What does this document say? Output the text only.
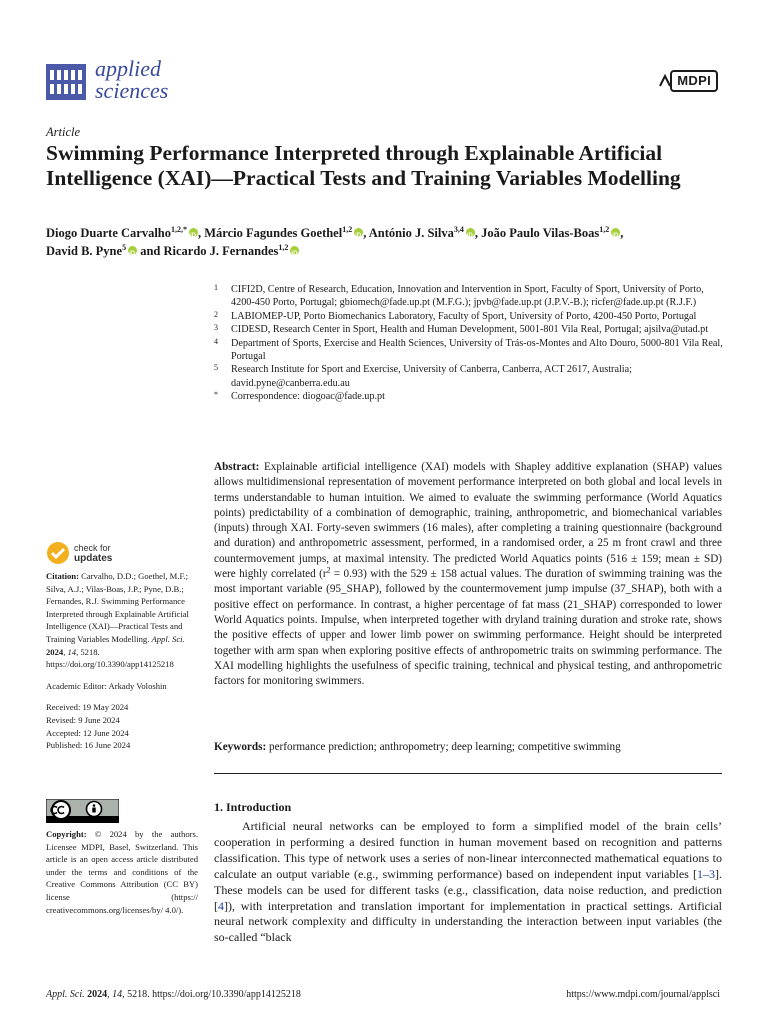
applied
sciences	MDPI
Article
Swimming Performance Interpreted through Explainable Artificial Intelligence (XAI)—Practical Tests and Training Variables Modelling
Diogo Duarte Carvalho$^{1,2,*}$ iD , Márcio Fagundes Goethel$^{1,2}$ iD , António J. Silva$^{3,4}$ iD , João Paulo Vilas-Boas$^{1,2}$ iD ,
David B. Pyne$^5$iD and Ricardo J. Fernandes$^{1,2}$iD
1	CIFI2D, Centre of Research, Education, Innovation and Intervention in Sport, Faculty of Sport, University of Porto, 4200-450 Porto, Portugal; gbiomech@fade.up.pt (M.F.G.); jpvb@fade.up.pt (J.P.V.-B.); ricfer@fade.up.pt (R.J.F.)
2	LABIOMEP-UP, Porto Biomechanics Laboratory, Faculty of Sport, University of Porto, 4200-450 Porto, Portugal
3	CIDESD, Research Center in Sport, Health and Human Development, 5001-801 Vila Real, Portugal; ajsilva@utad.pt
4	Department of Sports, Exercise and Health Sciences, University of Trás-os-Montes and Alto Douro, 5000-801 Vila Real, Portugal
5	Research Institute for Sport and Exercise, University of Canberra, Canberra, ACT 2617, Australia; david.pyne@canberra.edu.au
*	Correspondence: diogoac@fade.up.pt
Abstract: Explainable artificial intelligence (XAI) models with Shapley additive explanation (SHAP) values allows multidimensional representation of movement performance interpreted on both global and local levels in terms understandable to human intuition. We aimed to evaluate the swimming performance (World Aquatics points) predictability of a combination of demographic, training, anthropometric, and biomechanical variables (inputs) through XAI. Forty-seven swimmers (16 males), after completing a training questionnaire (background and duration) and anthropometric assessment, performed, in a randomised order, a 25 m front crawl and three countermovement jumps, at maximal intensity. The predicted World Aquatics points (516 ± 159; mean ± SD) were highly correlated $(r^2 = 0.93)$ with the 529 ± 158 actual values. The duration of swimming training was the most important variable (95_SHAP), followed by the countermovement jump impulse (37_SHAP), both with a positive effect on performance. In contrast, a higher percentage of fat mass (21_SHAP) corresponded to lower World Aquatics points. Impulse, when interpreted together with dryland training duration and stroke rate, shows the positive effects of upper and lower limb power on swimming performance. Height should be interpreted together with arm span when exploring positive effects of anthropometric traits on swimming performance. The XAI modelling highlights the usefulness of specific training, technical and physical testing, and anthropometric factors for monitoring swimmers.
Keywords: performance prediction; anthropometry; deep learning; competitive swimming
check for
updates

Citation: Carvalho, D.D.; Goethel, M.F.; Silva, A.J.; Vilas-Boas, J.P.; Pyne, D.B.; Fernandes, R.J. Swimming Performance Interpreted through Explainable Artificial Intelligence (XAI)—Practical Tests and Training Variables Modelling. Appl. Sci. 2024, 14, 5218. https://doi.org/10.3390/app14125218

Academic Editor: Arkady Voloshin

Received: 19 May 2024

Revised: 9 June 2024

Accepted: 12 June 2024

Published: 16 June 2024

Copyright: © 2024 by the authors. Licensee MDPI, Basel, Switzerland. This article is an open access article distributed under the terms and conditions of the Creative Commons Attribution (CC BY) license (https:// creativecommons.org/licenses/by/ 4.0/).
1. Introduction
Artificial neural networks can be employed to form a simplified model of the brain cells’ cooperation in performing a desired function in human movement based on recognition and patterns classification. This type of network uses a series of non-linear interconnected mathematical equations to calculate an output variable (e.g., swimming performance) based on independent input variables [1–3]. These models can be used for different tasks (e.g., classification, data noise reduction, and prediction [4]), with interpretation and translation important for implementation in practical settings. Artificial neural network complexity and difficulty in understanding the interaction between input variables (the so-called “black
Appl. Sci. 2024, 14, 5218. https://doi.org/10.3390/app14125218	https://www.mdpi.com/journal/applsci
